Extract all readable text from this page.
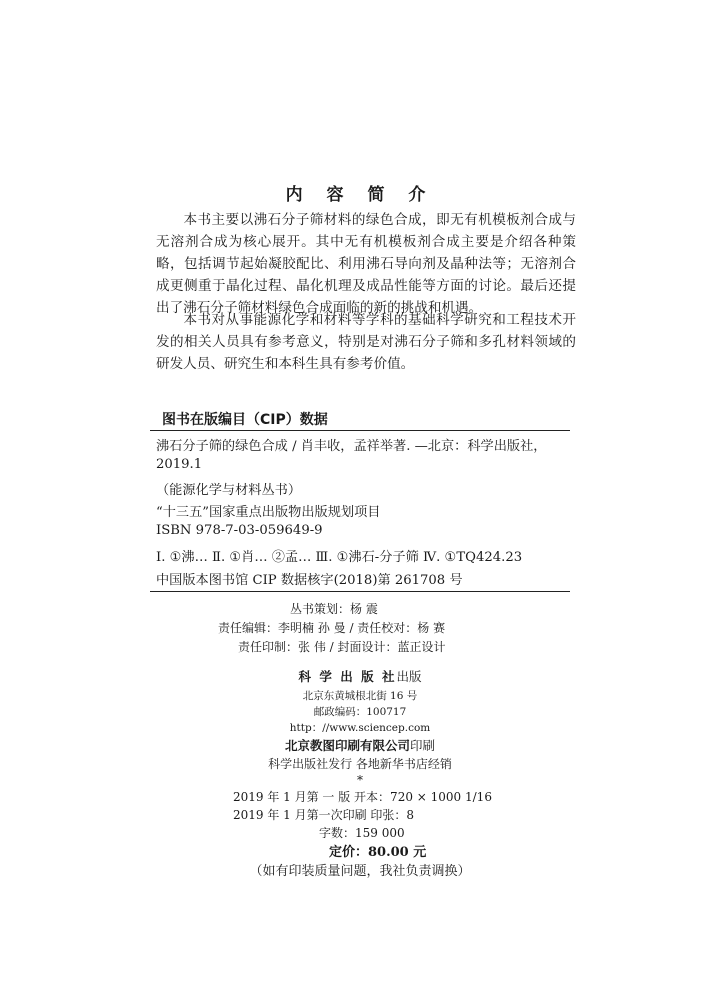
内 容 简 介
本书主要以沸石分子筛材料的绿色合成，即无有机模板剂合成与无溶剂合成为核心展开。其中无有机模板剂合成主要是介绍各种策略，包括调节起始凝胶配比、利用沸石导向剂及晶种法等；无溶剂合成更侧重于晶化过程、晶化机理及成品性能等方面的讨论。最后还提出了沸石分子筛材料绿色合成面临的新的挑战和机遇。
本书对从事能源化学和材料等学科的基础科学研究和工程技术开发的相关人员具有参考意义，特别是对沸石分子筛和多孔材料领域的研发人员、研究生和本科生具有参考价值。
图书在版编目（CIP）数据
沸石分子筛的绿色合成 / 肖丰收，孟祥举著. —北京：科学出版社，
2019.1
（能源化学与材料丛书）
“十三五”国家重点出版物出版规划项目
ISBN 978-7-03-059649-9
Ⅰ. ①沸… Ⅱ. ①肖… ②孟… Ⅲ. ①沸石-分子筛 Ⅳ. ①TQ424.23
中国版本图书馆 CIP 数据核字(2018)第 261708 号
丛书策划：杨 震
责任编辑：李明楠 孙 曼 / 责任校对：杨 赛
责任印制：张 伟 / 封面设计：蓝正设计
科 学 出 版 社出版
北京东黄城根北街 16 号
邮政编码：100717
http：//www.sciencep.com
北京教图印刷有限公司印刷
科学出版社发行 各地新华书店经销
*
2019 年 1 月第 一 版 开本：720 × 1000 1/16
2019 年 1 月第一次印刷 印张：8
字数：159 000
定价：80.00 元
（如有印装质量问题，我社负责调换）
